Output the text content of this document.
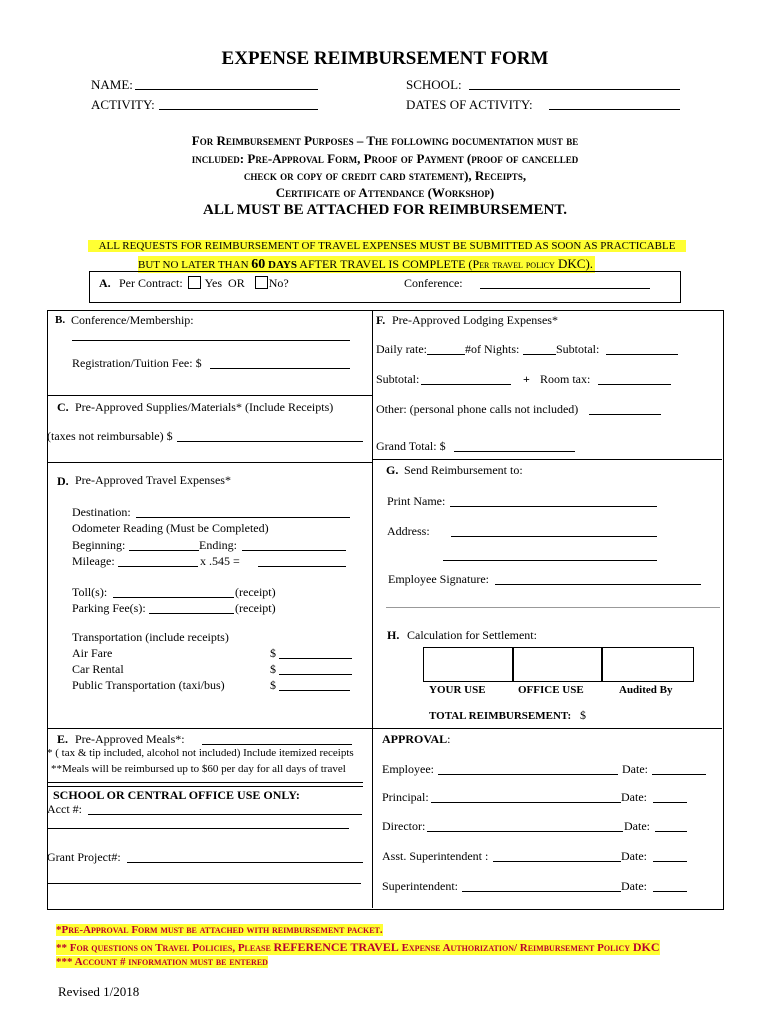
EXPENSE REIMBURSEMENT FORM
NAME:	SCHOOL:
ACTIVITY:	DATES OF ACTIVITY:
For Reimbursement Purposes – The following documentation must be
included: Pre-Approval Form, Proof of Payment (proof of cancelled
check or copy of credit card statement), Receipts,
Certificate of Attendance (Workshop)
ALL MUST BE ATTACHED FOR REIMBURSEMENT.
ALL REQUESTS FOR REIMBURSEMENT OF TRAVEL EXPENSES MUST BE SUBMITTED AS SOON AS PRACTICABLE
BUT NO LATER THAN 60 DAYS AFTER TRAVEL IS COMPLETE (Per travel policy DKC).
A. Per Contract:	Yes OR No?	Conference:
B. Conference/Membership:
Registration/Tuition Fee: $
C. Pre-Approved Supplies/Materials* (Include Receipts)
(taxes not reimbursable) $
D. Pre-Approved Travel Expenses*
Destination:
Odometer Reading (Must be Completed)
Beginning:	Ending:
Mileage:	x .545 =
Toll(s):	(receipt)
Parking Fee(s):	(receipt)
Transportation (include receipts)
Air Fare	$
Car Rental	$
Public Transportation (taxi/bus)	$
E. Pre-Approved Meals*:
* ( tax & tip included, alcohol not included) Include itemized receipts
**Meals will be reimbursed up to $60 per day for all days of travel
SCHOOL OR CENTRAL OFFICE USE ONLY:
Acct #:
Grant Project#:
F. Pre-Approved Lodging Expenses*
Daily rate:	#of Nights:	Subtotal:
Subtotal:	+ Room tax:
Other: (personal phone calls not included)
Grand Total: $
G. Send Reimbursement to:
Print Name:
Address:
Employee Signature:
H. Calculation for Settlement:
YOUR USE	OFFICE USE	Audited By
TOTAL REIMBURSEMENT: $
APPROVAL:
Employee:	Date:
Principal:	Date:
Director:	Date:
Asst. Superintendent :	Date:
Superintendent:	Date:
*Pre-Approval Form must be attached with reimbursement packet.
** For questions on Travel Policies, Please REFERENCE TRAVEL Expense Authorization/ Reimbursement Policy DKC
*** Account # information must be entered
Revised 1/2018
